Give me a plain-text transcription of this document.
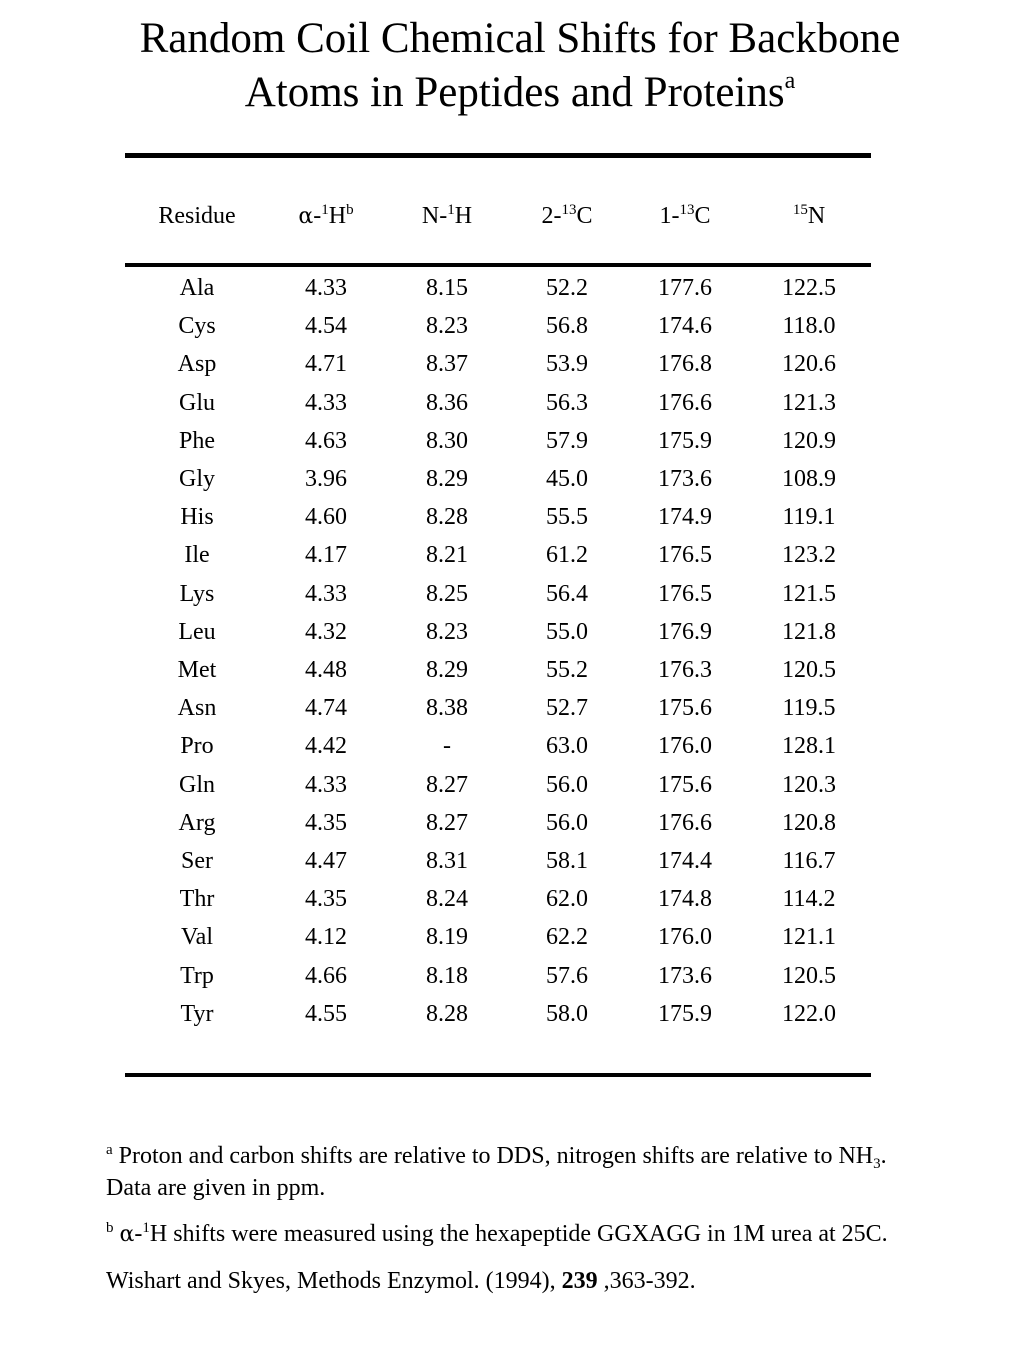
Random Coil Chemical Shifts for Backbone
Atoms in Peptides and Proteins$^a$
Residue	$\alpha-^1H^b$	N-$^1$H	2-$^{13}$C	1-$^{13}$C	$^{15}$N
Ala	4.33	8.15	52.2	177.6	122.5
Cys	4.54	8.23	56.8	174.6	118.0
Asp	4.71	8.37	53.9	176.8	120.6
Glu	4.33	8.36	56.3	176.6	121.3
Phe	4.63	8.30	57.9	175.9	120.9
Gly	3.96	8.29	45.0	173.6	108.9
His	4.60	8.28	55.5	174.9	119.1
Ile	4.17	8.21	61.2	176.5	123.2
Lys	4.33	8.25	56.4	176.5	121.5
Leu	4.32	8.23	55.0	176.9	121.8
Met	4.48	8.29	55.2	176.3	120.5
Asn	4.74	8.38	52.7	175.6	119.5
Pro	4.42	-	63.0	176.0	128.1
Gln	4.33	8.27	56.0	175.6	120.3
Arg	4.35	8.27	56.0	176.6	120.8
Ser	4.47	8.31	58.1	174.4	116.7
Thr	4.35	8.24	62.0	174.8	114.2
Val	4.12	8.19	62.2	176.0	121.1
Trp	4.66	8.18	57.6	173.6	120.5
Tyr	4.55	8.28	58.0	175.9	122.0

$^a$ Proton and carbon shifts are relative to DDS, nitrogen shifts are relative to $NH_3$. Data are given in ppm.

$^b$ α-$^1$H shifts were measured using the hexapeptide GGXAGG in 1M urea at 25C.

Wishart and Skyes, Methods Enzymol. (1994), 239 ,363-392.
